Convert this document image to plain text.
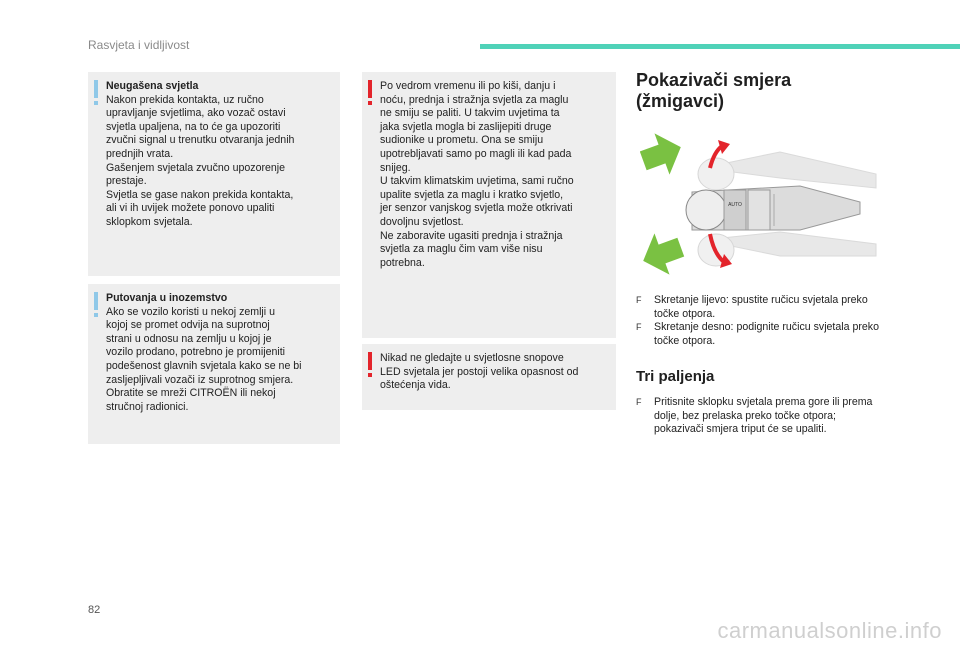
Rasvjeta i vidljivost
Neugašena svjetla

Nakon prekida kontakta, uz ručno
upravljanje svjetlima, ako vozač ostavi
svjetla upaljena, na to će ga upozoriti
zvučni signal u trenutku otvaranja jednih
prednjih vrata.
Gašenjem svjetala zvučno upozorenje
prestaje.
Svjetla se gase nakon prekida kontakta,
ali vi ih uvijek možete ponovo upaliti
sklopkom svjetala.

Putovanja u inozemstvo

Ako se vozilo koristi u nekoj zemlji u
kojoj se promet odvija na suprotnoj
strani u odnosu na zemlju u kojoj je
vozilo prodano, potrebno je promijeniti
podešenost glavnih svjetala kako se ne bi
zasljepljivali vozači iz suprotnog smjera.
Obratite se mreži CITROËN ili nekoj
stručnoj radionici.

Po vedrom vremenu ili po kiši, danju i
noću, prednja i stražnja svjetla za maglu
ne smiju se paliti. U takvim uvjetima ta
jaka svjetla mogla bi zaslijepiti druge
sudionike u prometu. Ona se smiju
upotrebljavati samo po magli ili kad pada
snijeg.
U takvim klimatskim uvjetima, sami ručno
upalite svjetla za maglu i kratko svjetlo,
jer senzor vanjskog svjetla može otkrivati
dovoljnu svjetlost.
Ne zaboravite ugasiti prednja i stražnja
svjetla za maglu čim vam više nisu
potrebna.

Nikad ne gledajte u svjetlosne snopove
LED svjetala jer postoji velika opasnost od
oštećenja vida.

Pokazivači smjera (žmigavci)
AUTO
F Skretanje lijevo: spustite ručicu svjetala preko točke otpora.
F Skretanje desno: podignite ručicu svjetala preko točke otpora.
Tri paljenja
F Pritisnite sklopku svjetala prema gore ili prema dolje, bez prelaska preko točke otpora; pokazivači smjera triput će se upaliti.
82
carmanualsonline.info
